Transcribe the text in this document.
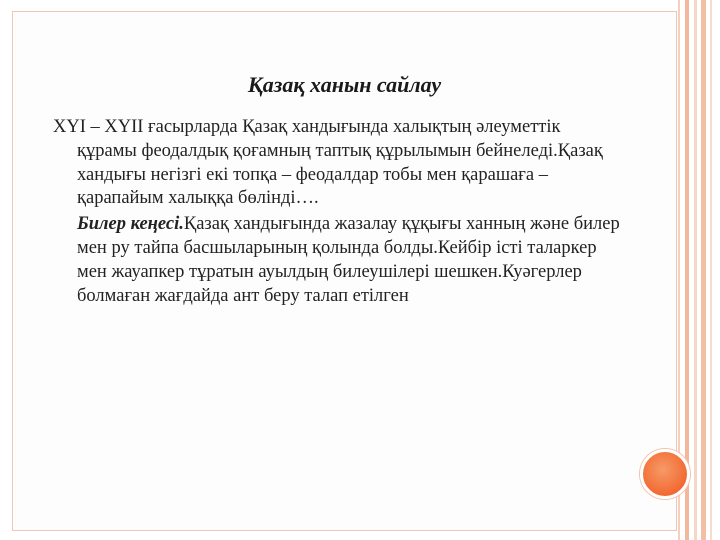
Қазақ ханын сайлау

XYI – XYII ғасырларда Қазақ хандығында халықтың әлеуметтік құрамы феодалдық қоғамның таптық құрылымын бейнеледі.Қазақ хандығы негізгі екі топқа – феодалдар тобы мен қарашаға – қарапайым халыққа бөлінді….

Билер кеңесі.Қазақ хандығында жазалау құқығы ханның және билер мен ру тайпа басшыларының қолында болды.Кейбір істі таларкер мен жауапкер тұратын ауылдың билеушілері шешкен.Куәгерлер болмаған жағдайда ант беру талап етілген
